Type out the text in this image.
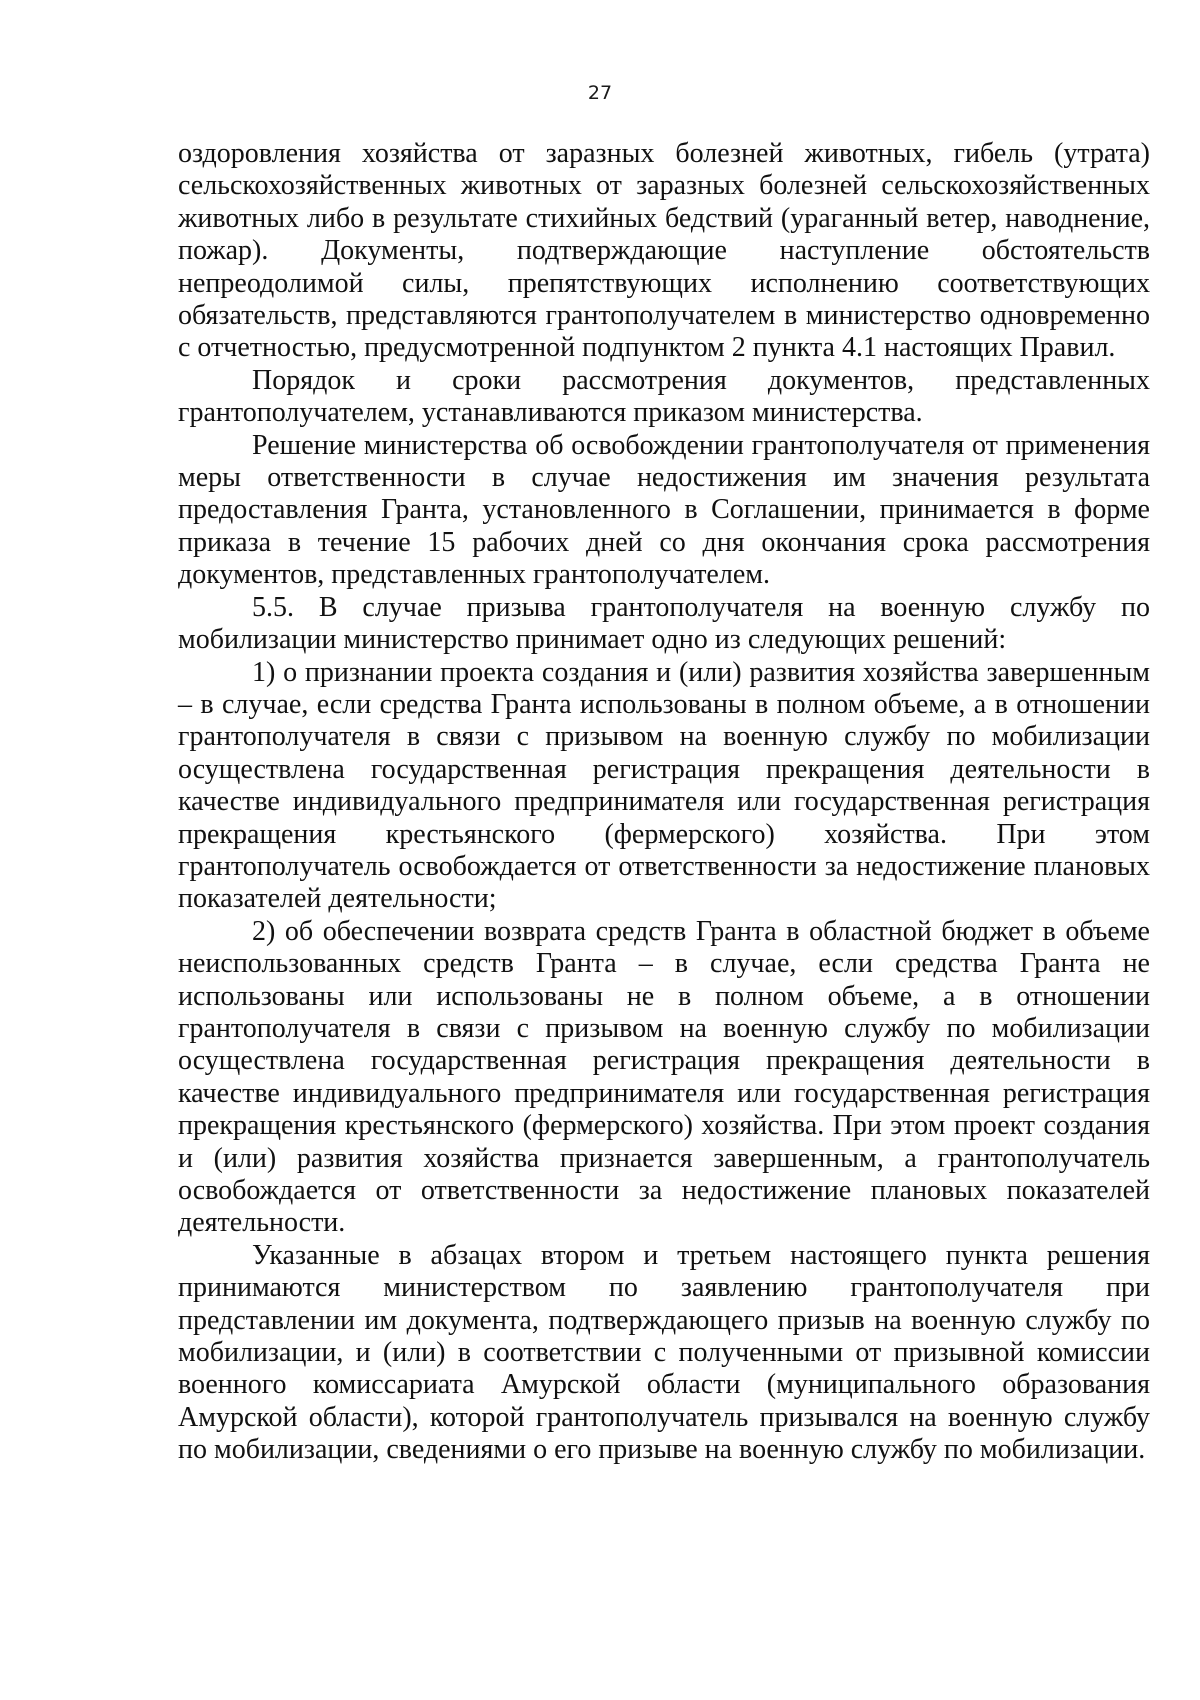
27

оздоровления хозяйства от заразных болезней животных, гибель (утрата) сельскохозяйственных животных от заразных болезней сельскохозяйственных животных либо в результате стихийных бедствий (ураганный ветер, наводнение, пожар). Документы, подтверждающие наступление обстоятельств непреодолимой силы, препятствующих исполнению соответствующих обязательств, представляются грантополучателем в министерство одновременно с отчетностью, предусмотренной подпунктом 2 пункта 4.1 настоящих Правил.

Порядок и сроки рассмотрения документов, представленных грантополучателем, устанавливаются приказом министерства.

Решение министерства об освобождении грантополучателя от применения меры ответственности в случае недостижения им значения результата предоставления Гранта, установленного в Соглашении, принимается в форме приказа в течение 15 рабочих дней со дня окончания срока рассмотрения документов, представленных грантополучателем.

5.5. В случае призыва грантополучателя на военную службу по мобилизации министерство принимает одно из следующих решений:

1) о признании проекта создания и (или) развития хозяйства завершенным – в случае, если средства Гранта использованы в полном объеме, а в отношении грантополучателя в связи с призывом на военную службу по мобилизации осуществлена государственная регистрация прекращения деятельности в качестве индивидуального предпринимателя или государственная регистрация прекращения крестьянского (фермерского) хозяйства. При этом грантополучатель освобождается от ответственности за недостижение плановых показателей деятельности;

2) об обеспечении возврата средств Гранта в областной бюджет в объеме неиспользованных средств Гранта – в случае, если средства Гранта не использованы или использованы не в полном объеме, а в отношении грантополучателя в связи с призывом на военную службу по мобилизации осуществлена государственная регистрация прекращения деятельности в качестве индивидуального предпринимателя или государственная регистрация прекращения крестьянского (фермерского) хозяйства. При этом проект создания и (или) развития хозяйства признается завершенным, а грантополучатель освобождается от ответственности за недостижение плановых показателей деятельности.

Указанные в абзацах втором и третьем настоящего пункта решения принимаются министерством по заявлению грантополучателя при представлении им документа, подтверждающего призыв на военную службу по мобилизации, и (или) в соответствии с полученными от призывной комиссии военного комиссариата Амурской области (муниципального образования Амурской области), которой грантополучатель призывался на военную службу по мобилизации, сведениями о его призыве на военную службу по мобилизации.
